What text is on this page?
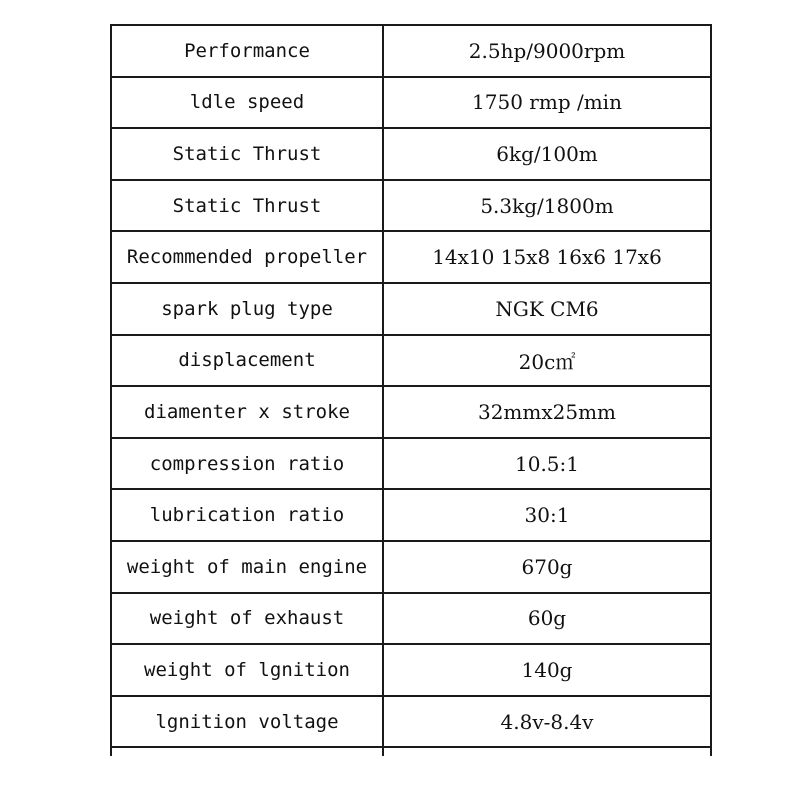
Performance	2.5hp/9000rpm
ldle speed	1750 rmp /min
Static Thrust	6kg/100m
Static Thrust	5.3kg/1800m
Recommended propeller	14x10 15x8 16x6 17x6
spark plug type	NGK CM6
displacement	20c㎡
diamenter x stroke	32mmx25mm
compression ratio	10.5:1
lubrication ratio	30:1
weight of main engine	670g
weight of exhaust	60g
weight of lgnition	140g
lgnition voltage	4.8v-8.4v
